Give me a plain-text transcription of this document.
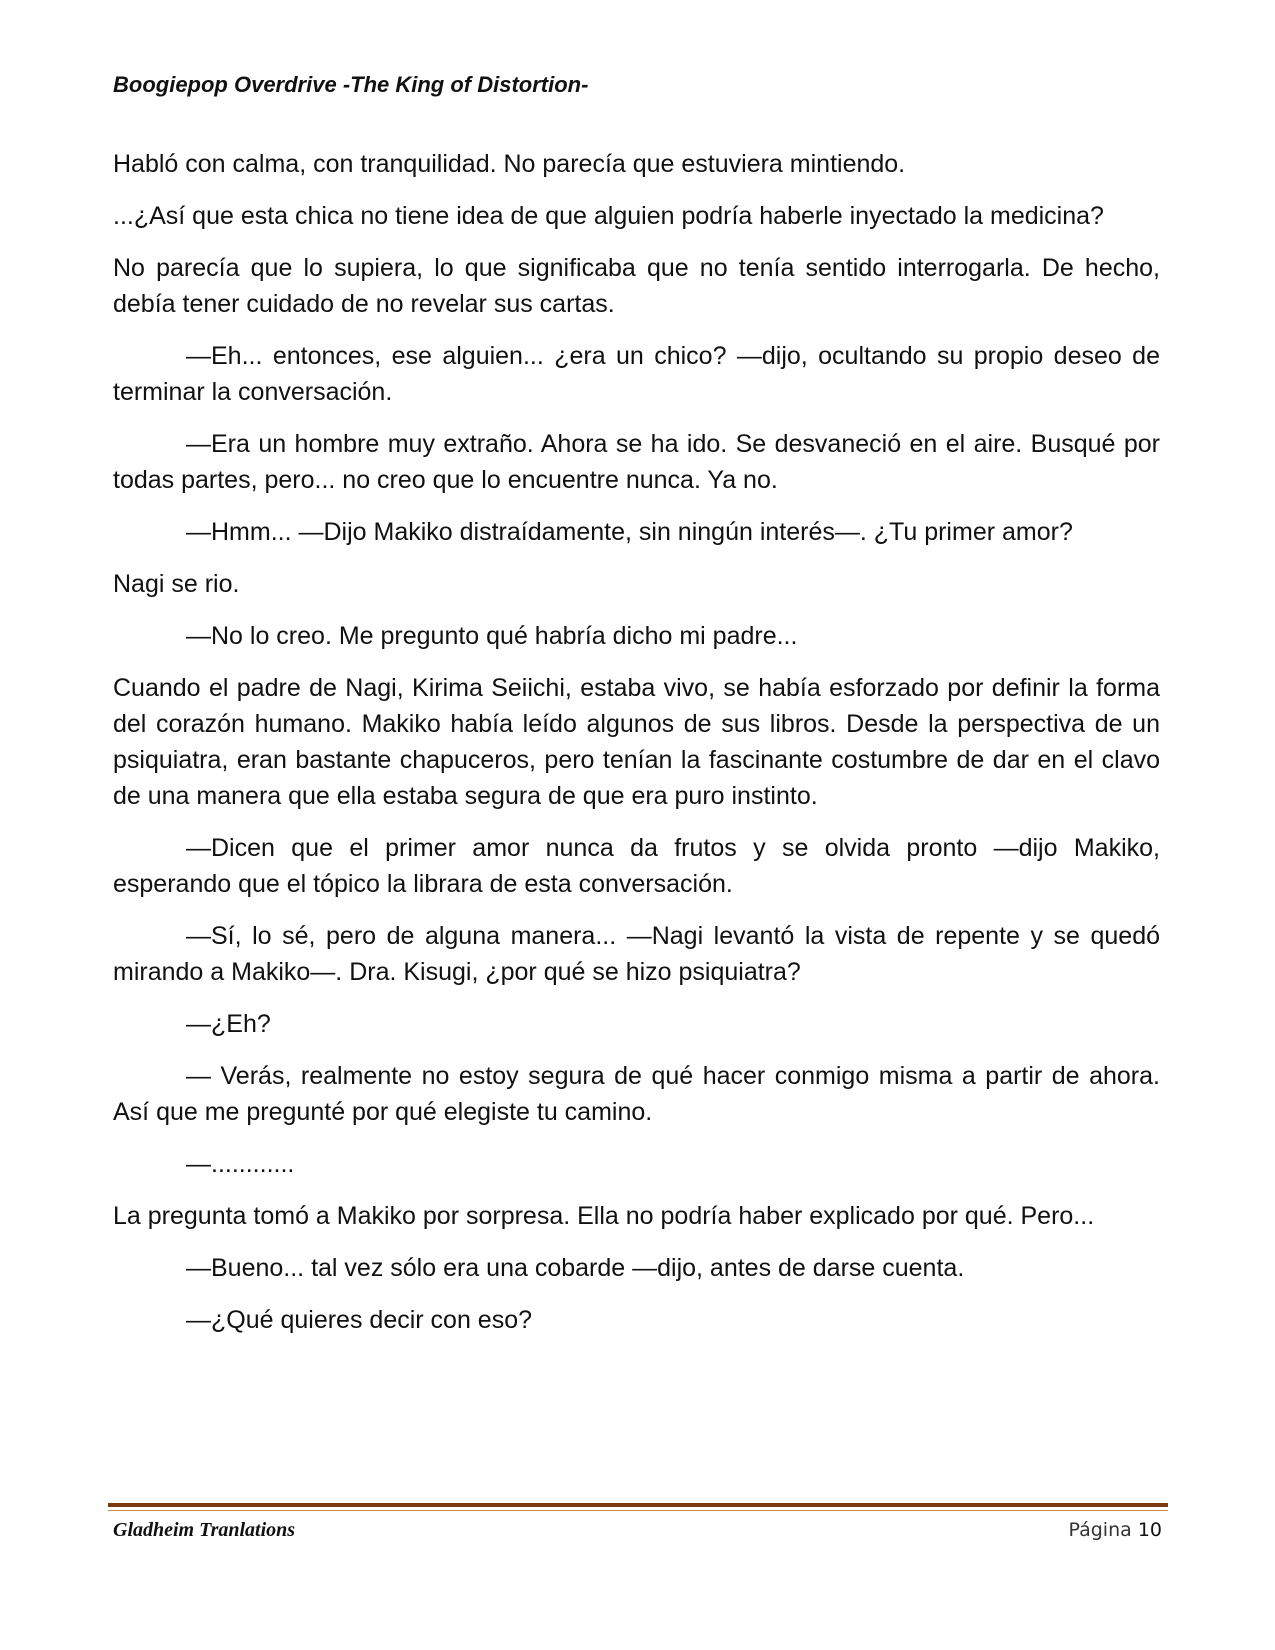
Boogiepop Overdrive -The King of Distortion-

Habló con calma, con tranquilidad. No parecía que estuviera mintiendo.

...¿Así que esta chica no tiene idea de que alguien podría haberle inyectado la medicina?

No parecía que lo supiera, lo que significaba que no tenía sentido interrogarla. De hecho, debía tener cuidado de no revelar sus cartas.

—Eh... entonces, ese alguien... ¿era un chico? —dijo, ocultando su propio deseo de terminar la conversación.

—Era un hombre muy extraño. Ahora se ha ido. Se desvaneció en el aire. Busqué por todas partes, pero... no creo que lo encuentre nunca. Ya no.

—Hmm... —Dijo Makiko distraídamente, sin ningún interés—. ¿Tu primer amor?

Nagi se rio.

—No lo creo. Me pregunto qué habría dicho mi padre...

Cuando el padre de Nagi, Kirima Seiichi, estaba vivo, se había esforzado por definir la forma del corazón humano. Makiko había leído algunos de sus libros. Desde la perspectiva de un psiquiatra, eran bastante chapuceros, pero tenían la fascinante costumbre de dar en el clavo de una manera que ella estaba segura de que era puro instinto.

—Dicen que el primer amor nunca da frutos y se olvida pronto —dijo Makiko, esperando que el tópico la librara de esta conversación.

—Sí, lo sé, pero de alguna manera... —Nagi levantó la vista de repente y se quedó mirando a Makiko—. Dra. Kisugi, ¿por qué se hizo psiquiatra?

—¿Eh?

— Verás, realmente no estoy segura de qué hacer conmigo misma a partir de ahora. Así que me pregunté por qué elegiste tu camino.

—............

La pregunta tomó a Makiko por sorpresa. Ella no podría haber explicado por qué. Pero...

—Bueno... tal vez sólo era una cobarde —dijo, antes de darse cuenta.

—¿Qué quieres decir con eso?

Gladheim Tranlations	Página 10
